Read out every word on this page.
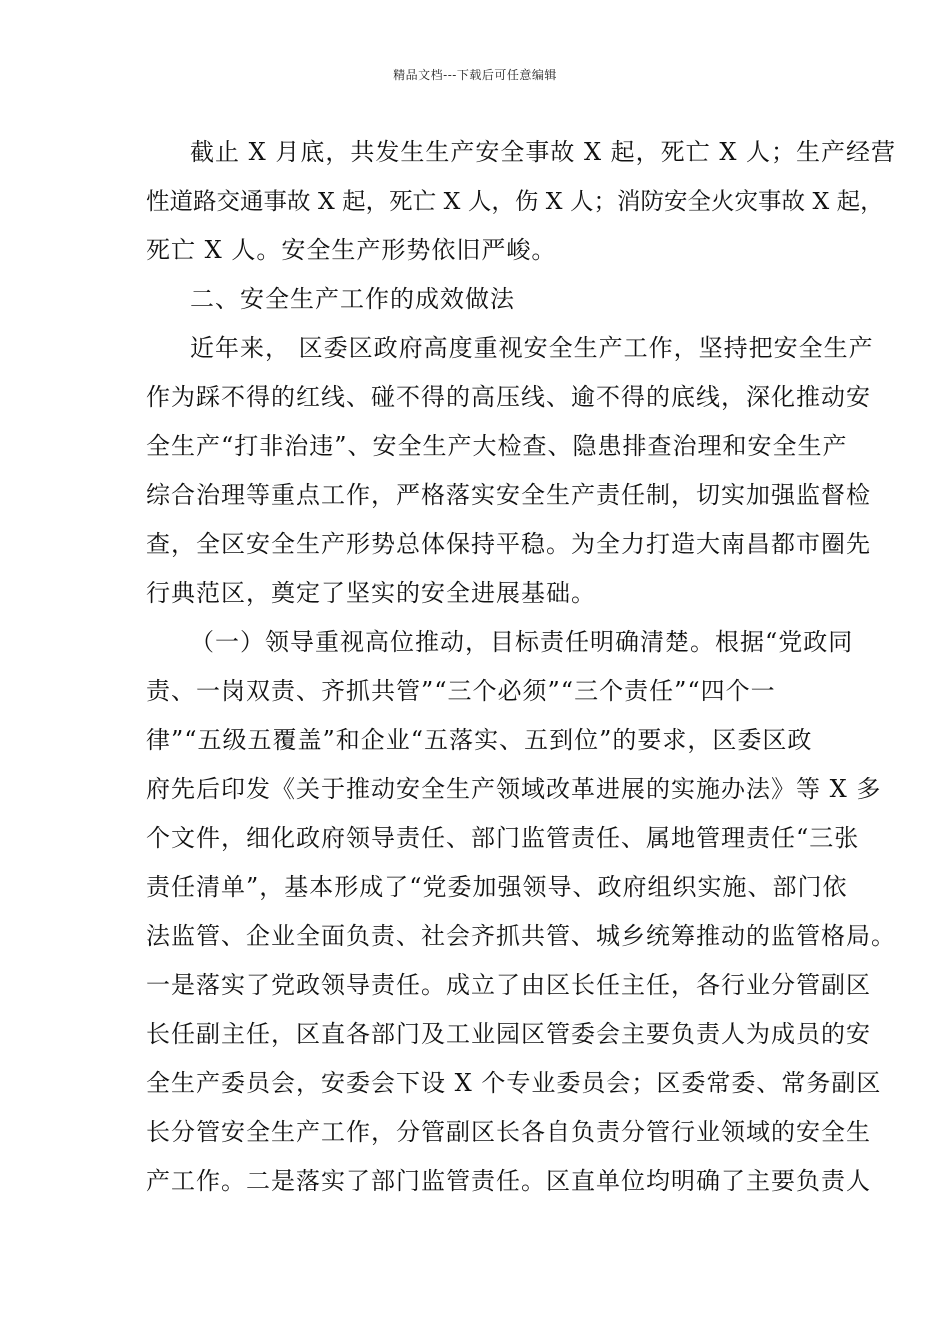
精品文档---下载后可任意编辑
截止 X 月底，共发生生产安全事故 X 起，死亡 X 人；生产经营
性道路交通事故 X 起，死亡 X 人，伤 X 人；消防安全火灾事故 X 起，
死亡 X 人。安全生产形势依旧严峻。
二、安全生产工作的成效做法
近年来， 区委区政府高度重视安全生产工作，坚持把安全生产
作为踩不得的红线、碰不得的高压线、逾不得的底线，深化推动安
全生产“打非治违”、安全生产大检查、隐患排查治理和安全生产
综合治理等重点工作，严格落实安全生产责任制，切实加强监督检
查，全区安全生产形势总体保持平稳。为全力打造大南昌都市圈先
行典范区，奠定了坚实的安全进展基础。
（一）领导重视高位推动，目标责任明确清楚。根据“党政同
责、一岗双责、齐抓共管”“三个必须”“三个责任”“四个一
律”“五级五覆盖”和企业“五落实、五到位”的要求，区委区政
府先后印发《关于推动安全生产领域改革进展的实施办法》等 X 多
个文件，细化政府领导责任、部门监管责任、属地管理责任“三张
责任清单”，基本形成了“党委加强领导、政府组织实施、部门依
法监管、企业全面负责、社会齐抓共管、城乡统筹推动的监管格局。
一是落实了党政领导责任。成立了由区长任主任，各行业分管副区
长任副主任，区直各部门及工业园区管委会主要负责人为成员的安
全生产委员会，安委会下设 X 个专业委员会；区委常委、常务副区
长分管安全生产工作，分管副区长各自负责分管行业领域的安全生
产工作。二是落实了部门监管责任。区直单位均明确了主要负责人
